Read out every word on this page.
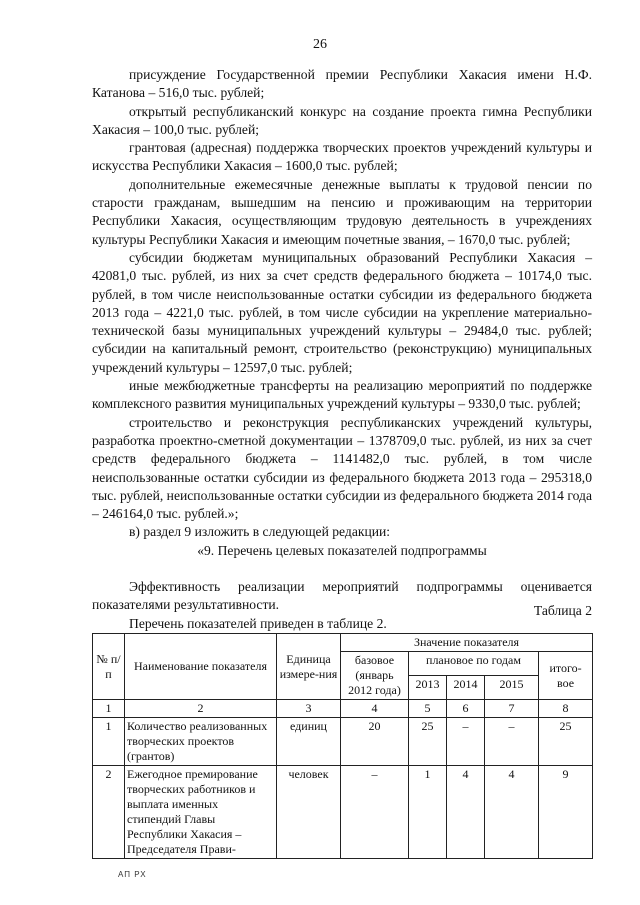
26

присуждение Государственной премии Республики Хакасия имени Н.Ф. Катанова – 516,0 тыс. рублей;

открытый республиканский конкурс на создание проекта гимна Республики Хакасия – 100,0 тыс. рублей;

грантовая (адресная) поддержка творческих проектов учреждений культуры и искусства Республики Хакасия – 1600,0 тыс. рублей;

дополнительные ежемесячные денежные выплаты к трудовой пенсии по старости гражданам, вышедшим на пенсию и проживающим на территории Республики Хакасия, осуществляющим трудовую деятельность в учреждениях культуры Республики Хакасия и имеющим почетные звания, – 1670,0 тыс. рублей;

субсидии бюджетам муниципальных образований Республики Хакасия – 42081,0 тыс. рублей, из них за счет средств федерального бюджета – 10174,0 тыс. рублей, в том числе неиспользованные остатки субсидии из федерального бюджета 2013 года – 4221,0 тыс. рублей, в том числе субсидии на укрепление материально-технической базы муниципальных учреждений культуры – 29484,0 тыс. рублей; субсидии на капитальный ремонт, строительство (реконструкцию) муниципальных учреждений культуры – 12597,0 тыс. рублей;

иные межбюджетные трансферты на реализацию мероприятий по поддержке комплексного развития муниципальных учреждений культуры – 9330,0 тыс. рублей;

строительство и реконструкция республиканских учреждений культуры, разработка проектно-сметной документации – 1378709,0 тыс. рублей, из них за счет средств федерального бюджета – 1141482,0 тыс. рублей, в том числе неиспользованные остатки субсидии из федерального бюджета 2013 года – 295318,0 тыс. рублей, неиспользованные остатки субсидии из федерального бюджета 2014 года – 246164,0 тыс. рублей.»;

в) раздел 9 изложить в следующей редакции:

«9. Перечень целевых показателей подпрограммы

Эффективность реализации мероприятий подпрограммы оценивается показателями результативности.

Перечень показателей приведен в таблице 2.

Таблица 2
№ п/п	Наименование показателя	Единица измере-ния	Значение показателя				
			базовое (январь 2012 года)	плановое по годам			итого-вое
				2013	2014	2015	
1	2	3	4	5	6	7	8
1	Количество реализованных творческих проектов (грантов)	единиц	20	25	–	–	25
2	Ежегодное премирование творческих работников и выплата именных стипендий Главы Республики Хакасия – Председателя Прави-	человек	–	1	4	4	9
АП РХ
